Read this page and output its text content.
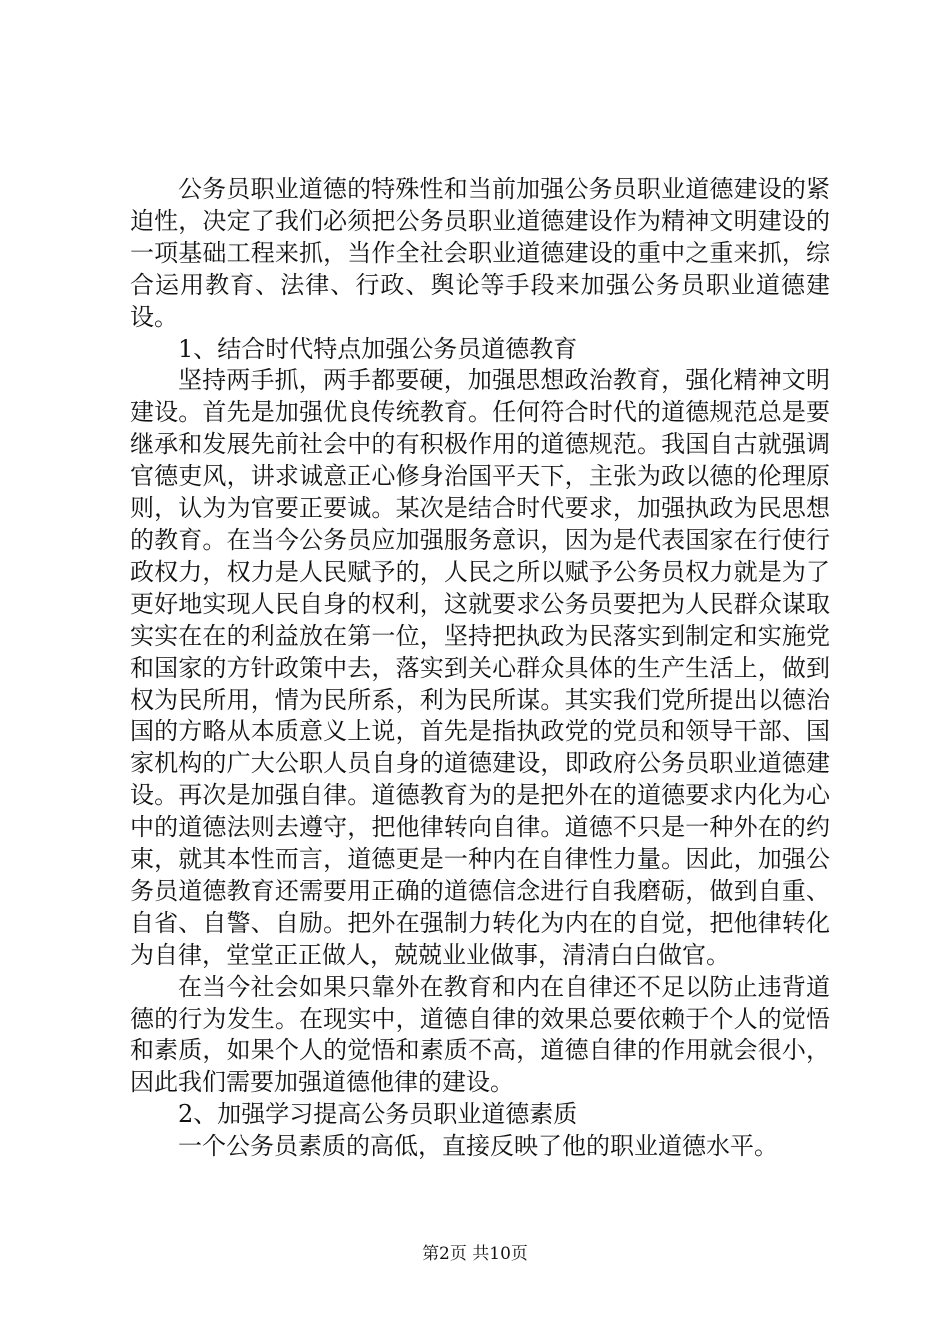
公务员职业道德的特殊性和当前加强公务员职业道德建设的紧迫性，决定了我们必须把公务员职业道德建设作为精神文明建设的一项基础工程来抓，当作全社会职业道德建设的重中之重来抓，综合运用教育、法律、行政、舆论等手段来加强公务员职业道德建设。

1、结合时代特点加强公务员道德教育

坚持两手抓，两手都要硬，加强思想政治教育，强化精神文明建设。首先是加强优良传统教育。任何符合时代的道德规范总是要继承和发展先前社会中的有积极作用的道德规范。我国自古就强调官德吏风，讲求诚意正心修身治国平天下，主张为政以德的伦理原则，认为为官要正要诚。某次是结合时代要求，加强执政为民思想的教育。在当今公务员应加强服务意识，因为是代表国家在行使行政权力，权力是人民赋予的，人民之所以赋予公务员权力就是为了更好地实现人民自身的权利，这就要求公务员要把为人民群众谋取实实在在的利益放在第一位，坚持把执政为民落实到制定和实施党和国家的方针政策中去，落实到关心群众具体的生产生活上，做到权为民所用，情为民所系，利为民所谋。其实我们党所提出以德治国的方略从本质意义上说，首先是指执政党的党员和领导干部、国家机构的广大公职人员自身的道德建设，即政府公务员职业道德建设。再次是加强自律。道德教育为的是把外在的道德要求内化为心中的道德法则去遵守，把他律转向自律。道德不只是一种外在的约束，就其本性而言，道德更是一种内在自律性力量。因此，加强公务员道德教育还需要用正确的道德信念进行自我磨砺，做到自重、自省、自警、自励。把外在强制力转化为内在的自觉，把他律转化为自律，堂堂正正做人，兢兢业业做事，清清白白做官。

在当今社会如果只靠外在教育和内在自律还不足以防止违背道德的行为发生。在现实中，道德自律的效果总要依赖于个人的觉悟和素质，如果个人的觉悟和素质不高，道德自律的作用就会很小，因此我们需要加强道德他律的建设。

2、加强学习提高公务员职业道德素质

一个公务员素质的高低，直接反映了他的职业道德水平。

第2页 共10页
